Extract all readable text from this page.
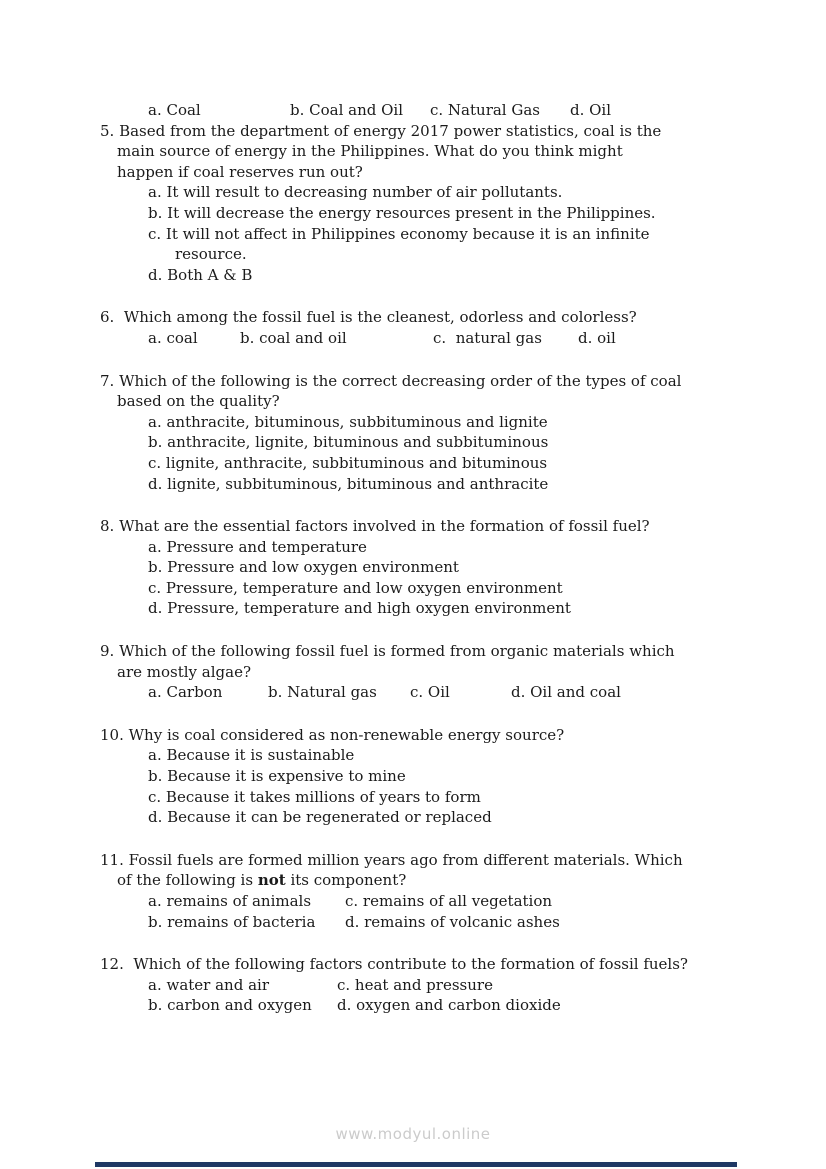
a. Coal	b. Coal and Oil c. Natural Gas d. Oil
5. Based from the department of energy 2017 power statistics, coal is the
main source of energy in the Philippines. What do you think might
happen if coal reserves run out?
a. It will result to decreasing number of air pollutants.
b. It will decrease the energy resources present in the Philippines.
c. It will not affect in Philippines economy because it is an infinite
resource.
d. Both A & B
6.  Which among the fossil fuel is the cleanest, odorless and colorless?
a. coal	b. coal and oil	c.  natural gas d. oil
7. Which of the following is the correct decreasing order of the types of coal
based on the quality?
a. anthracite, bituminous, subbituminous and lignite
b. anthracite, lignite, bituminous and subbituminous
c. lignite, anthracite, subbituminous and bituminous
d. lignite, subbituminous, bituminous and anthracite
8. What are the essential factors involved in the formation of fossil fuel?
a. Pressure and temperature
b. Pressure and low oxygen environment
c. Pressure, temperature and low oxygen environment
d. Pressure, temperature and high oxygen environment
9. Which of the following fossil fuel is formed from organic materials which
are mostly algae?
a. Carbon	b. Natural gas c. Oil	d. Oil and coal
10. Why is coal considered as non-renewable energy source?
a. Because it is sustainable
b. Because it is expensive to mine
c. Because it takes millions of years to form
d. Because it can be regenerated or replaced
11. Fossil fuels are formed million years ago from different materials. Which
of the following is not its component?
a. remains of animals c. remains of all vegetation
b. remains of bacteria d. remains of volcanic ashes
12.  Which of the following factors contribute to the formation of fossil fuels?
a. water and air	c. heat and pressure
b. carbon and oxygen d. oxygen and carbon dioxide
www.modyul.online
